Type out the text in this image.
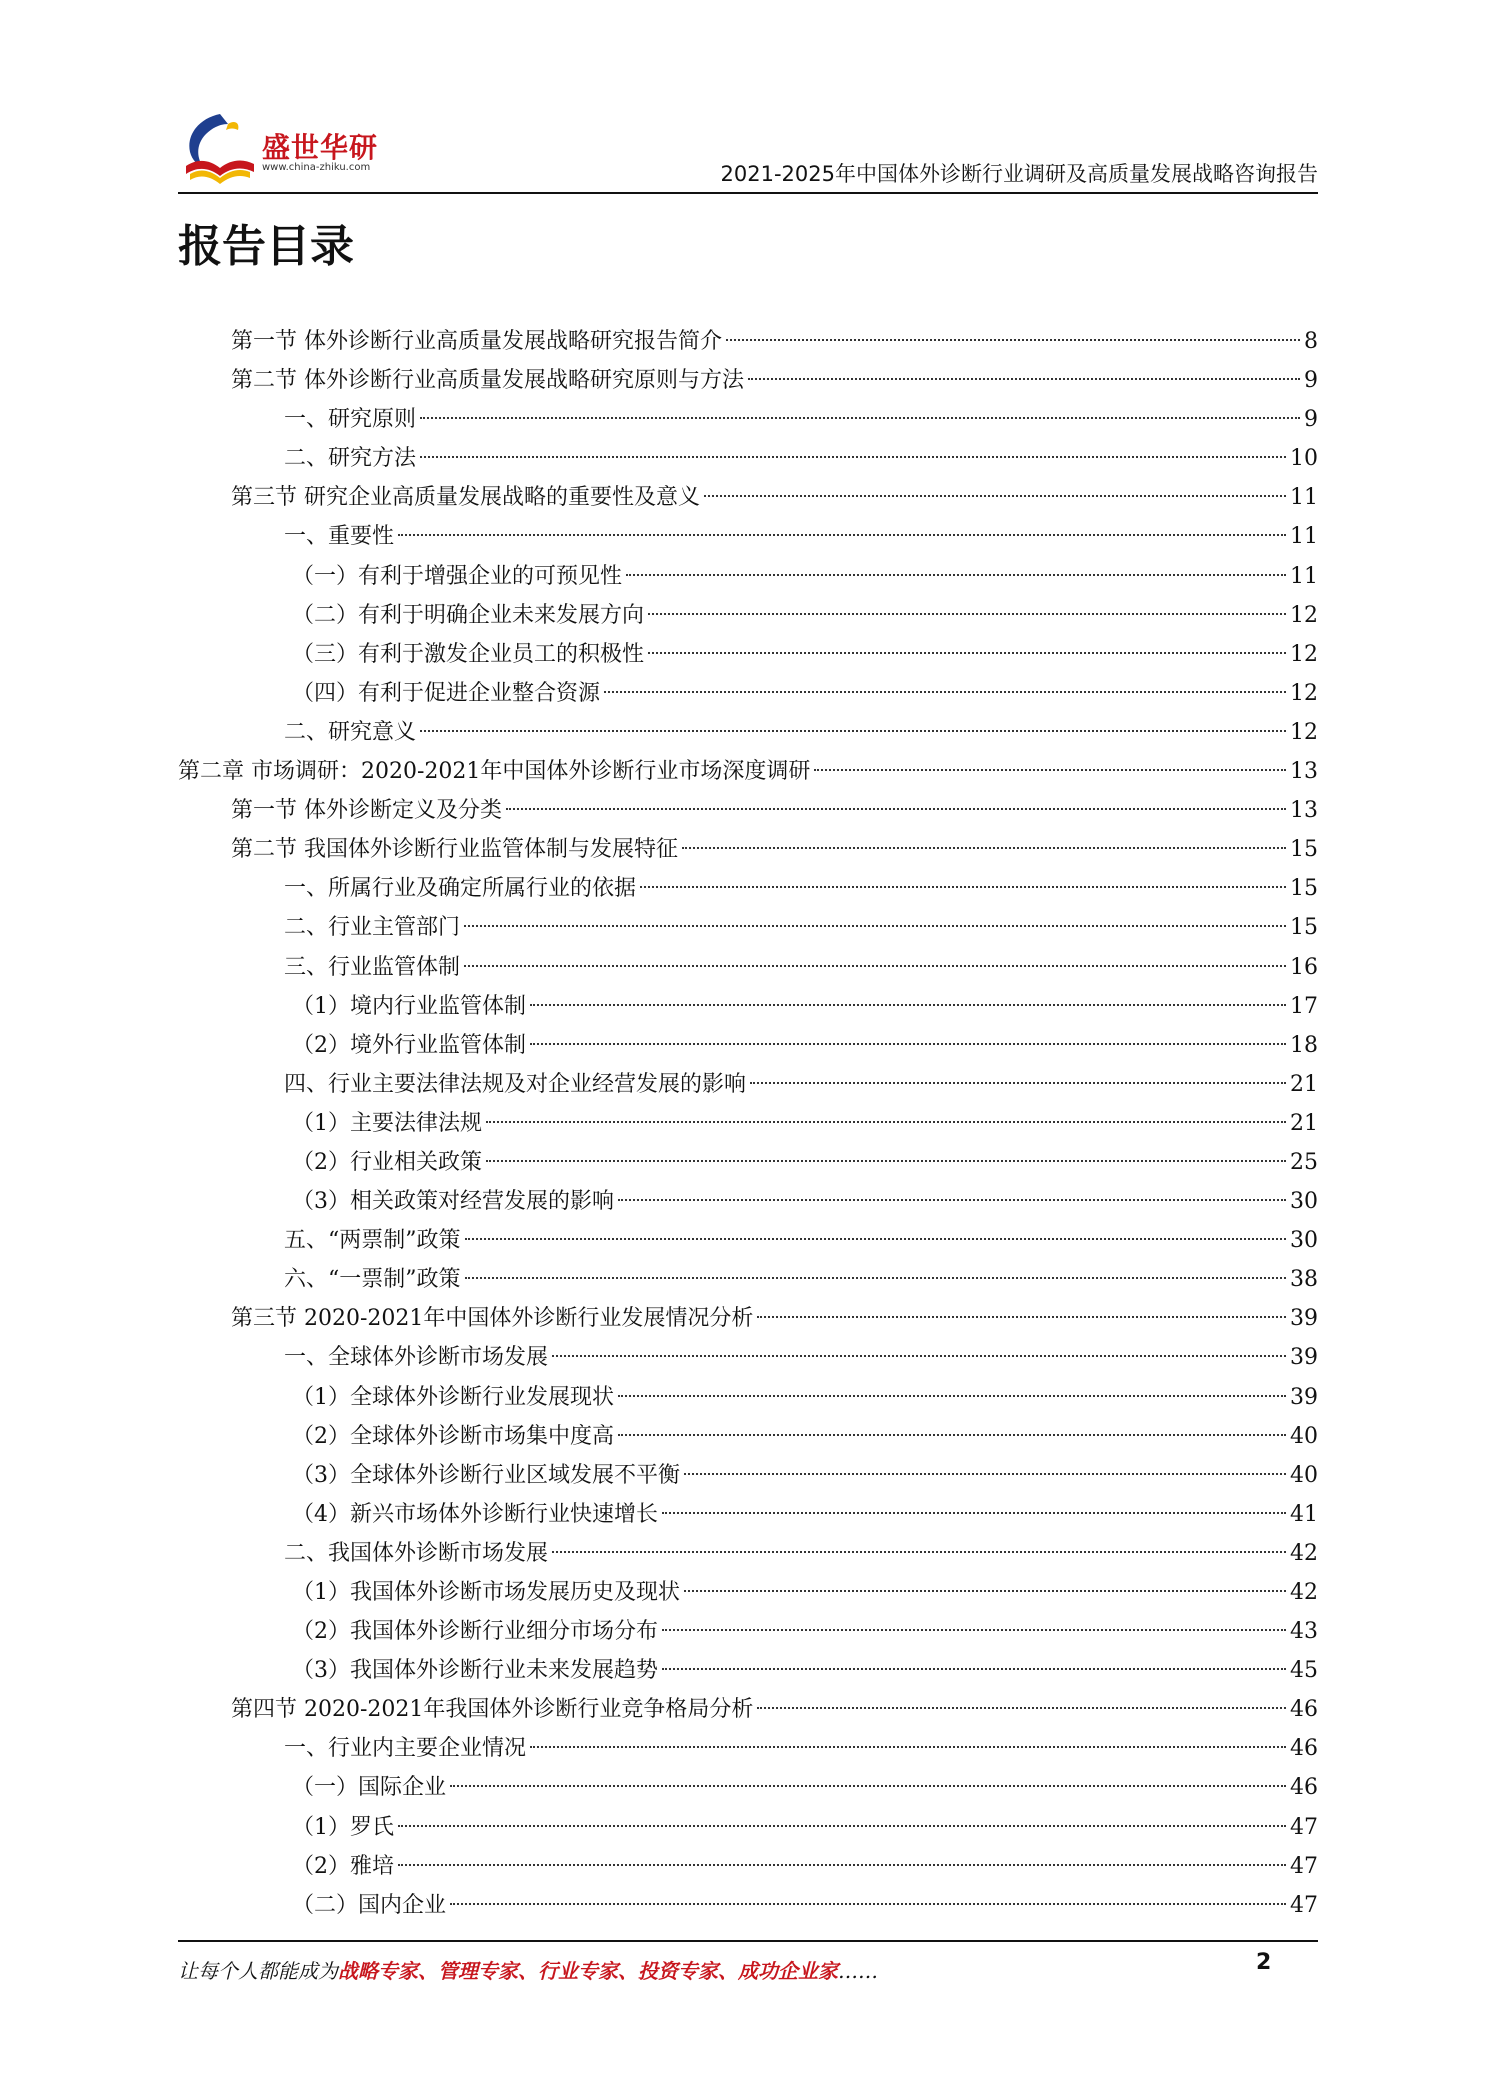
盛世华研
www.china-zhiku.com	2021-2025年中国体外诊断行业调研及高质量发展战略咨询报告
报告目录
第一节 体外诊断行业高质量发展战略研究报告简介	8
第二节 体外诊断行业高质量发展战略研究原则与方法	9
一、研究原则	9
二、研究方法	10
第三节 研究企业高质量发展战略的重要性及意义	11
一、重要性	11
（一）有利于增强企业的可预见性	11
（二）有利于明确企业未来发展方向	12
（三）有利于激发企业员工的积极性	12
（四）有利于促进企业整合资源	12
二、研究意义	12
第二章 市场调研：2020-2021年中国体外诊断行业市场深度调研	13
第一节 体外诊断定义及分类	13
第二节 我国体外诊断行业监管体制与发展特征	15
一、所属行业及确定所属行业的依据	15
二、行业主管部门	15
三、行业监管体制	16
（1）境内行业监管体制	17
（2）境外行业监管体制	18
四、行业主要法律法规及对企业经营发展的影响	21
（1）主要法律法规	21
（2）行业相关政策	25
（3）相关政策对经营发展的影响	30
五、“两票制”政策	30
六、“一票制”政策	38
第三节 2020-2021年中国体外诊断行业发展情况分析	39
一、全球体外诊断市场发展	39
（1）全球体外诊断行业发展现状	39
（2）全球体外诊断市场集中度高	40
（3）全球体外诊断行业区域发展不平衡	40
（4）新兴市场体外诊断行业快速增长	41
二、我国体外诊断市场发展	42
（1）我国体外诊断市场发展历史及现状	42
（2）我国体外诊断行业细分市场分布	43
（3）我国体外诊断行业未来发展趋势	45
第四节 2020-2021年我国体外诊断行业竞争格局分析	46
一、行业内主要企业情况	46
（一）国际企业	46
（1）罗氏	47
（2）雅培	47
（二）国内企业	47
让每个人都能成为战略专家、管理专家、行业专家、投资专家、成功企业家……	2
